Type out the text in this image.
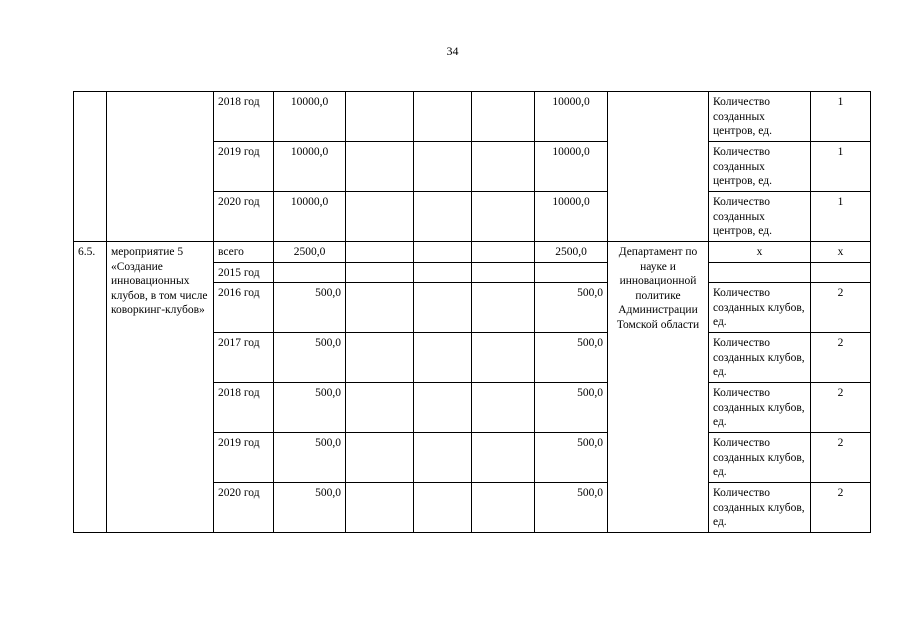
34
		2018 год	10000,0				10000,0		Количество созданных центров, ед.	1
		2019 год	10000,0				10000,0		Количество созданных центров, ед.	1
		2020 год	10000,0				10000,0		Количество созданных центров, ед.	1
6.5.	мероприятие 5 «Создание инновационных клубов, в том числе коворкинг-клубов»	всего	2500,0				2500,0	Департамент по науке и инновационной политике Администрации Томской области	x	x
		2015 год								
		2016 год	500,0				500,0		Количество созданных клубов, ед.	2
		2017 год	500,0				500,0		Количество созданных клубов, ед.	2
		2018 год	500,0				500,0		Количество созданных клубов, ед.	2
		2019 год	500,0				500,0		Количество созданных клубов, ед.	2
		2020 год	500,0				500,0		Количество созданных клубов, ед.	2
